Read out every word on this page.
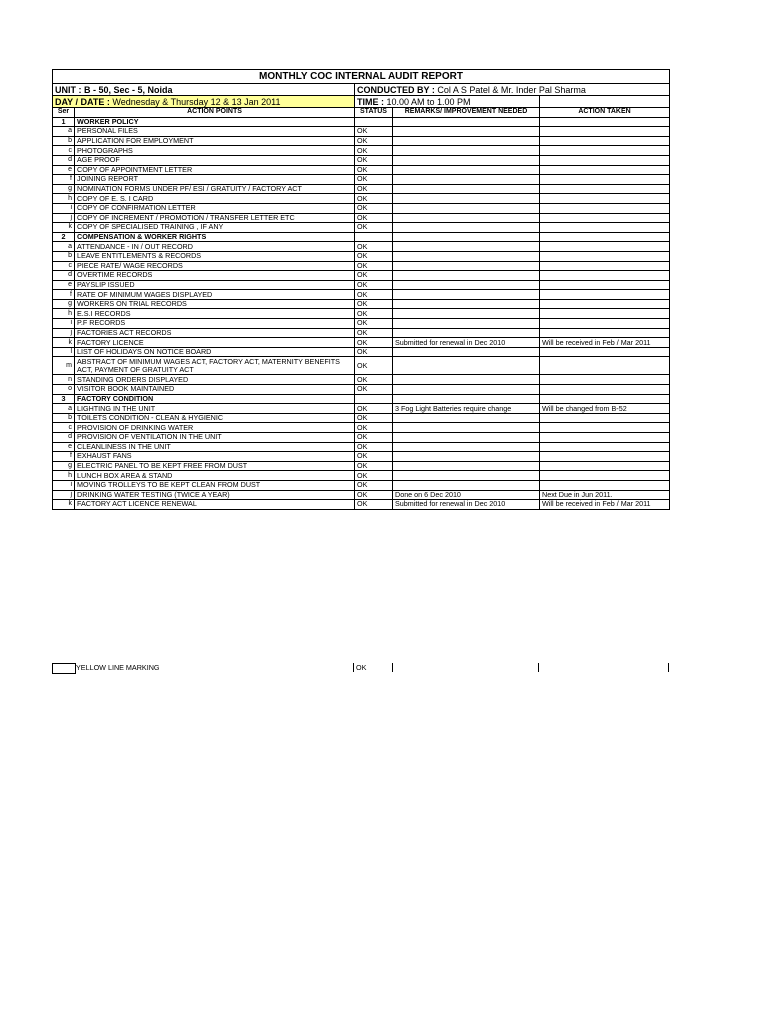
MONTHLY COC INTERNAL AUDIT REPORT				
UNIT : B - 50, Sec - 5, Noida		CONDUCTED BY : Col A S Patel & Mr. Inder Pal Sharma		
DAY / DATE : Wednesday & Thursday 12 & 13 Jan 2011		TIME : 10.00 AM to 1.00 PM		
Ser	ACTION POINTS	STATUS	REMARKS/ IMPROVEMENT NEEDED	ACTION TAKEN
1	WORKER POLICY			
a	PERSONAL FILES	OK		
b	APPLICATION FOR EMPLOYMENT	OK		
c	PHOTOGRAPHS	OK		
d	AGE PROOF	OK		
e	COPY OF APPOINTMENT LETTER	OK		
f	JOINING REPORT	OK		
g	NOMINATION FORMS UNDER PF/ ESI / GRATUITY / FACTORY ACT	OK		
h	COPY OF E. S. I CARD	OK		
i	COPY OF CONFIRMATION LETTER	OK		
j	COPY OF INCREMENT / PROMOTION / TRANSFER LETTER ETC	OK		
k	COPY OF SPECIALISED TRAINING , IF ANY	OK		
2	COMPENSATION & WORKER RIGHTS			
a	ATTENDANCE - IN / OUT RECORD	OK		
b	LEAVE ENTITLEMENTS & RECORDS	OK		
c	PIECE RATE/ WAGE RECORDS	OK		
d	OVERTIME RECORDS	OK		
e	PAYSLIP ISSUED	OK		
f	RATE OF MINIMUM WAGES DISPLAYED	OK		
g	WORKERS ON TRIAL RECORDS	OK		
h	E.S.I RECORDS	OK		
i	P.F RECORDS	OK		
j	FACTORIES ACT RECORDS	OK		
k	FACTORY LICENCE	OK	Submitted for renewal in Dec 2010	Will be received in Feb / Mar 2011
l	LIST OF HOLIDAYS ON NOTICE BOARD	OK		
m	ABSTRACT OF MINIMUM WAGES ACT, FACTORY ACT, MATERNITY BENEFITS ACT, PAYMENT OF GRATUITY ACT	OK		
n	STANDING ORDERS DISPLAYED	OK		
o	VISITOR BOOK MAINTAINED	OK		
3	FACTORY CONDITION			
a	LIGHTING IN THE UNIT	OK	3 Fog Light Batteries require change	Will be changed from B-52
b	TOILETS CONDITION - CLEAN & HYGIENIC	OK		
c	PROVISION OF DRINKING WATER	OK		
d	PROVISION OF VENTILATION IN THE UNIT	OK		
e	CLEANLINESS IN THE UNIT	OK		
f	EXHAUST FANS	OK		
g	ELECTRIC PANEL TO BE KEPT FREE FROM DUST	OK		
h	LUNCH BOX AREA & STAND	OK		
i	MOVING TROLLEYS TO BE KEPT CLEAN FROM DUST	OK		
j	DRINKING WATER TESTING (TWICE A YEAR)	OK	Done on 6 Dec 2010	Next Due in Jun 2011.
k	FACTORY ACT LICENCE RENEWAL	OK	Submitted for renewal in Dec 2010	Will be received in Feb / Mar 2011
YELLOW LINE MARKING	OK
